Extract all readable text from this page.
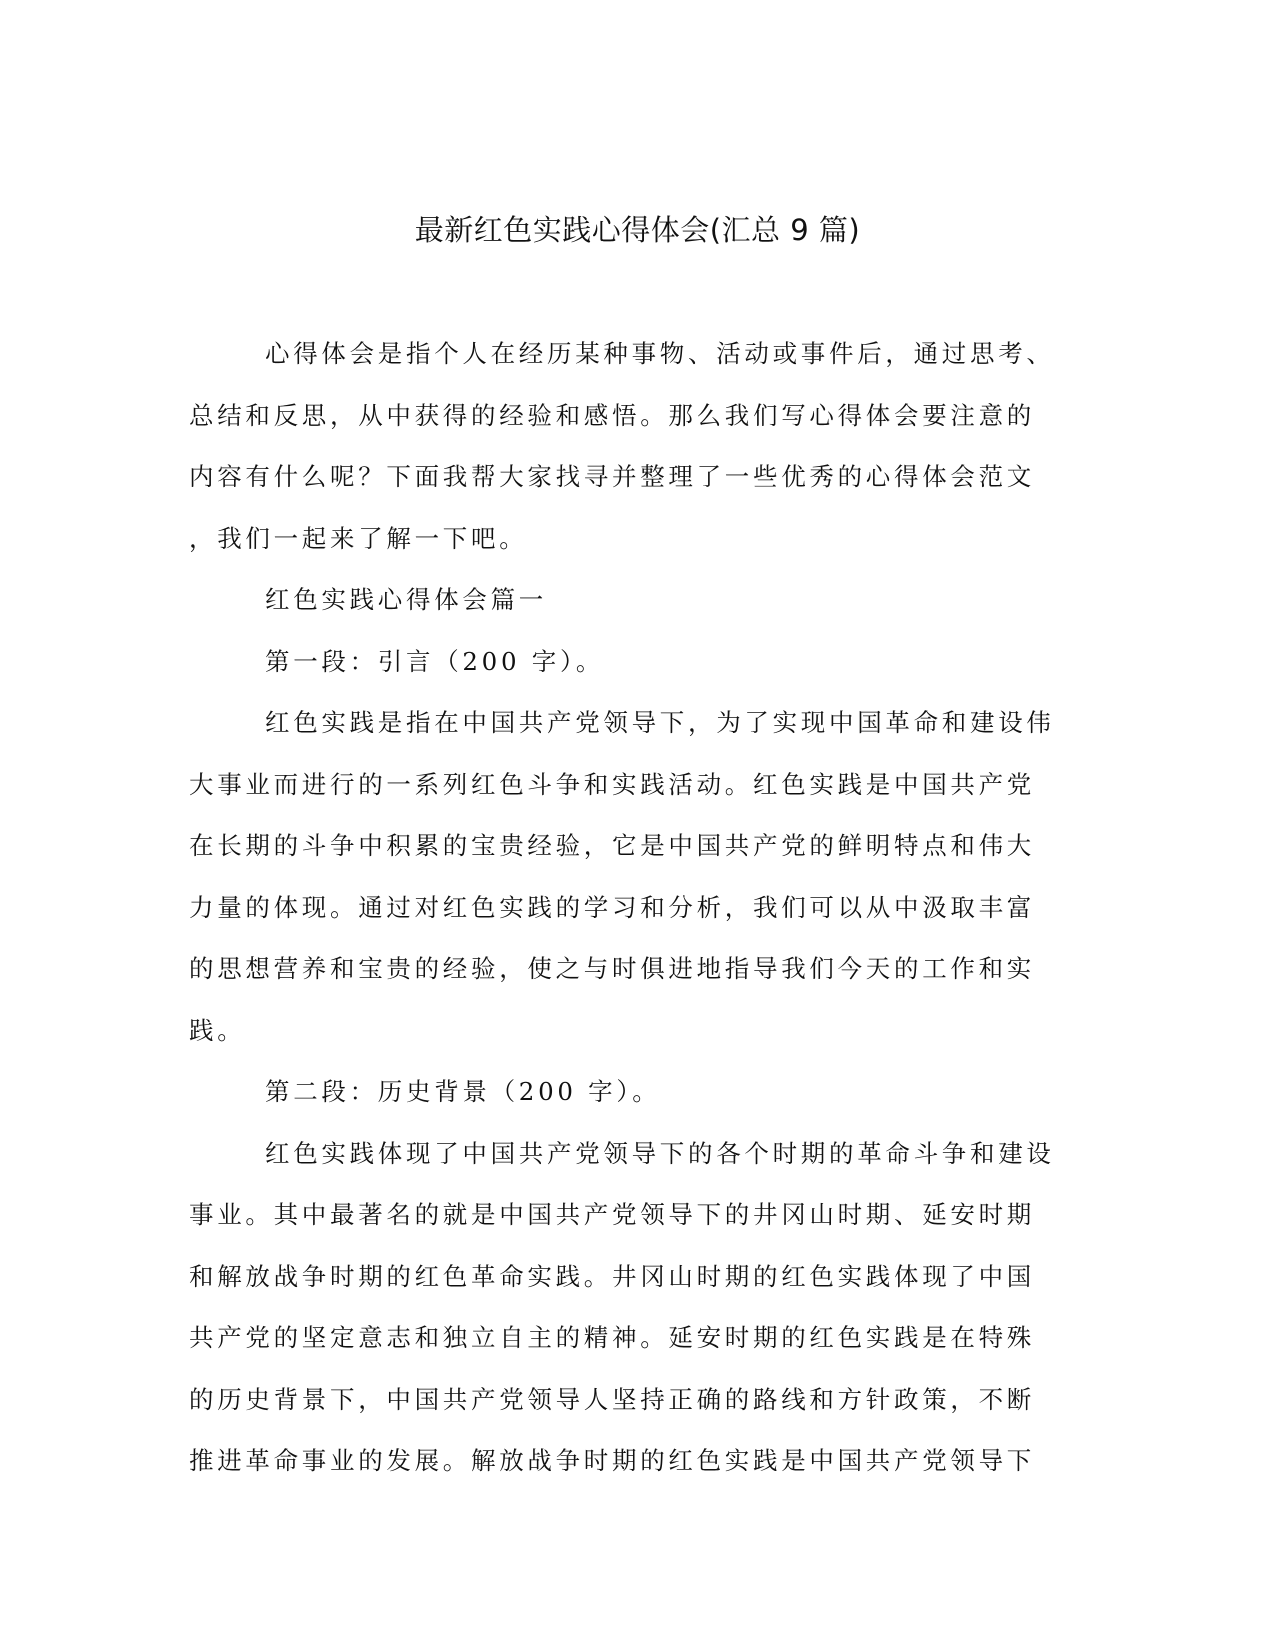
最新红色实践心得体会(汇总 9 篇)
心得体会是指个人在经历某种事物、活动或事件后，通过思考、
总结和反思，从中获得的经验和感悟。那么我们写心得体会要注意的
内容有什么呢？下面我帮大家找寻并整理了一些优秀的心得体会范文
，我们一起来了解一下吧。
红色实践心得体会篇一
第一段：引言（200 字）。
红色实践是指在中国共产党领导下，为了实现中国革命和建设伟
大事业而进行的一系列红色斗争和实践活动。红色实践是中国共产党
在长期的斗争中积累的宝贵经验，它是中国共产党的鲜明特点和伟大
力量的体现。通过对红色实践的学习和分析，我们可以从中汲取丰富
的思想营养和宝贵的经验，使之与时俱进地指导我们今天的工作和实
践。
第二段：历史背景（200 字）。
红色实践体现了中国共产党领导下的各个时期的革命斗争和建设
事业。其中最著名的就是中国共产党领导下的井冈山时期、延安时期
和解放战争时期的红色革命实践。井冈山时期的红色实践体现了中国
共产党的坚定意志和独立自主的精神。延安时期的红色实践是在特殊
的历史背景下，中国共产党领导人坚持正确的路线和方针政策，不断
推进革命事业的发展。解放战争时期的红色实践是中国共产党领导下
